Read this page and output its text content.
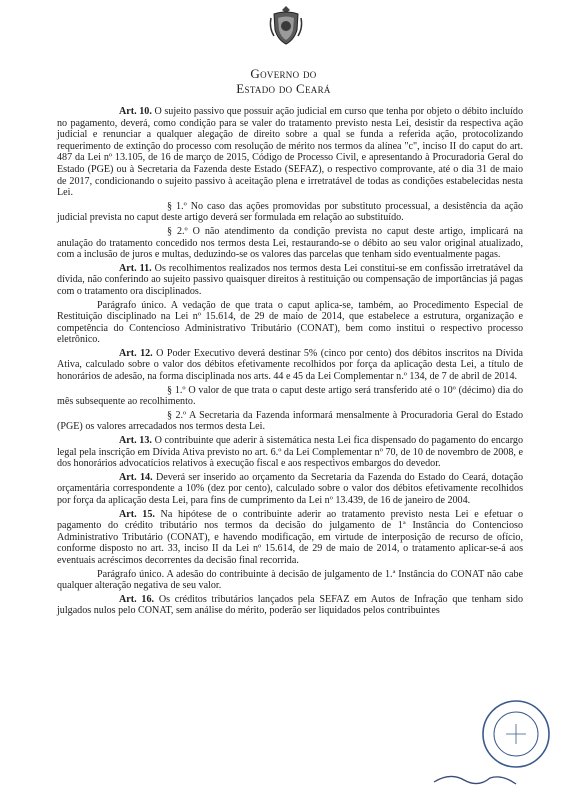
Governo do
Estado do Ceará

Art. 10. O sujeito passivo que possuir ação judicial em curso que tenha por objeto o débito incluído no pagamento, deverá, como condição para se valer do tratamento previsto nesta Lei, desistir da respectiva ação judicial e renunciar a qualquer alegação de direito sobre a qual se funda a referida ação, protocolizando requerimento de extinção do processo com resolução de mérito nos termos da alínea "c", inciso II do caput do art. 487 da Lei nº 13.105, de 16 de março de 2015, Código de Processo Civil, e apresentando à Procuradoria Geral do Estado (PGE) ou à Secretaria da Fazenda deste Estado (SEFAZ), o respectivo comprovante, até o dia 31 de maio de 2017, condicionando o sujeito passivo à aceitação plena e irretratável de todas as condições estabelecidas nesta Lei.

§ 1.º No caso das ações promovidas por substituto processual, a desistência da ação judicial prevista no caput deste artigo deverá ser formulada em relação ao substituído.

§ 2.º O não atendimento da condição prevista no caput deste artigo, implicará na anulação do tratamento concedido nos termos desta Lei, restaurando-se o débito ao seu valor original atualizado, com a inclusão de juros e multas, deduzindo-se os valores das parcelas que tenham sido eventualmente pagas.

Art. 11. Os recolhimentos realizados nos termos desta Lei constitui-se em confissão irretratável da dívida, não conferindo ao sujeito passivo quaisquer direitos à restituição ou compensação de importâncias já pagas com o tratamento ora disciplinados.

Parágrafo único. A vedação de que trata o caput aplica-se, também, ao Procedimento Especial de Restituição disciplinado na Lei nº 15.614, de 29 de maio de 2014, que estabelece a estrutura, organização e competência do Contencioso Administrativo Tributário (CONAT), bem como institui o respectivo processo eletrônico.

Art. 12. O Poder Executivo deverá destinar 5% (cinco por cento) dos débitos inscritos na Dívida Ativa, calculado sobre o valor dos débitos efetivamente recolhidos por força da aplicação desta Lei, a título de honorários de adesão, na forma disciplinada nos arts. 44 e 45 da Lei Complementar n.º 134, de 7 de abril de 2014.

§ 1.º O valor de que trata o caput deste artigo será transferido até o 10º (décimo) dia do mês subsequente ao recolhimento.

§ 2.º A Secretaria da Fazenda informará mensalmente à Procuradoria Geral do Estado (PGE) os valores arrecadados nos termos desta Lei.

Art. 13. O contribuinte que aderir à sistemática nesta Lei fica dispensado do pagamento do encargo legal pela inscrição em Dívida Ativa previsto no art. 6.º da Lei Complementar nº 70, de 10 de novembro de 2008, e dos honorários advocatícios relativos à execução fiscal e aos respectivos embargos do devedor.

Art. 14. Deverá ser inserido ao orçamento da Secretaria da Fazenda do Estado do Ceará, dotação orçamentária correspondente a 10% (dez por cento), calculado sobre o valor dos débitos efetivamente recolhidos por força da aplicação desta Lei, para fins de cumprimento da Lei nº 13.439, de 16 de janeiro de 2004.

Art. 15. Na hipótese de o contribuinte aderir ao tratamento previsto nesta Lei e efetuar o pagamento do crédito tributário nos termos da decisão do julgamento de 1ª Instância do Contencioso Administrativo Tributário (CONAT), e havendo modificação, em virtude de interposição de recurso de ofício, conforme disposto no art. 33, inciso II da Lei nº 15.614, de 29 de maio de 2014, o tratamento aplicar-se-á aos eventuais acréscimos decorrentes da decisão final recorrida.

Parágrafo único. A adesão do contribuinte à decisão de julgamento de 1.ª Instância do CONAT não cabe qualquer alteração negativa de seu valor.

Art. 16. Os créditos tributários lançados pela SEFAZ em Autos de Infração que tenham sido julgados nulos pelo CONAT, sem análise do mérito, poderão ser liquidados pelos contribuintes
